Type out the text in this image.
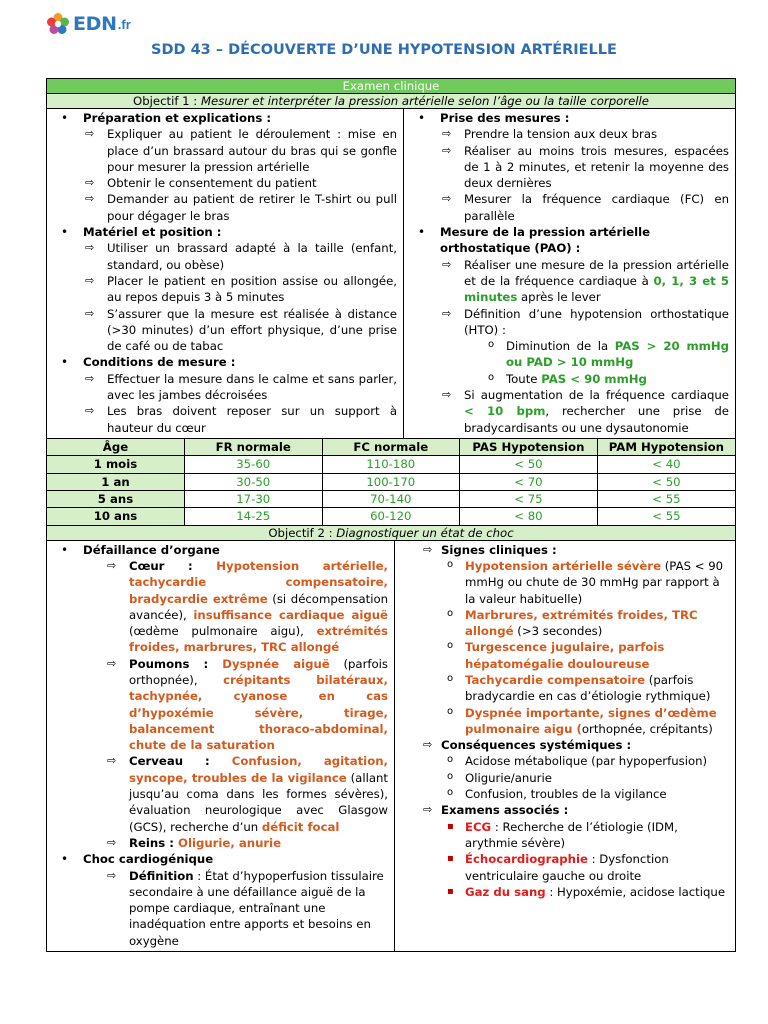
EDN .fr
SDD 43 – DÉCOUVERTE D’UNE HYPOTENSION ARTÉRIELLE
Examen clinique
Objectif 1 : Mesurer et interpréter la pression artérielle selon l’âge ou la taille corporelle
• Préparation et explications :
⇨ Expliquer au patient le déroulement : mise en place d’un brassard autour du bras qui se gonfle pour mesurer la pression artérielle
⇨ Obtenir le consentement du patient
⇨ Demander au patient de retirer le T-shirt ou pull pour dégager le bras
• Matériel et position :
⇨ Utiliser un brassard adapté à la taille (enfant, standard, ou obèse)
⇨ Placer le patient en position assise ou allongée, au repos depuis 3 à 5 minutes
⇨ S’assurer que la mesure est réalisée à distance (>30 minutes) d’un effort physique, d’une prise de café ou de tabac
• Conditions de mesure :
⇨ Effectuer la mesure dans le calme et sans parler, avec les jambes décroisées
⇨ Les bras doivent reposer sur un support à hauteur du cœur
• Prise des mesures :
⇨ Prendre la tension aux deux bras
⇨ Réaliser au moins trois mesures, espacées de 1 à 2 minutes, et retenir la moyenne des deux dernières
⇨ Mesurer la fréquence cardiaque (FC) en parallèle
• Mesure de la pression artérielle orthostatique (PAO) :
⇨ Réaliser une mesure de la pression artérielle et de la fréquence cardiaque à 0, 1, 3 et 5 minutes après le lever
⇨ Définition d’une hypotension orthostatique (HTO) :
o Diminution de la PAS > 20 mmHg ou PAD > 10 mmHg
o Toute PAS < 90 mmHg
⇨ Si augmentation de la fréquence cardiaque < 10 bpm, rechercher une prise de bradycardisants ou une dysautonomie
Âge	FR normale	FC normale	PAS Hypotension	PAM Hypotension
1 mois	35-60	110-180	< 50	< 40
1 an	30-50	100-170	< 70	< 50
5 ans	17-30	70-140	< 75	< 55
10 ans	14-25	60-120	< 80	< 55
Objectif 2 : Diagnostiquer un état de choc
• Défaillance d’organe
⇨ Cœur : Hypotension artérielle, tachycardie compensatoire, bradycardie extrême (si décompensation avancée), insuffisance cardiaque aiguë (œdème pulmonaire aigu), extrémités froides, marbrures, TRC allongé
⇨ Poumons : Dyspnée aiguë (parfois orthopnée), crépitants bilatéraux, tachypnée, cyanose en cas d’hypoxémie sévère, tirage, balancement thoraco-abdominal, chute de la saturation
⇨ Cerveau : Confusion, agitation, syncope, troubles de la vigilance (allant jusqu’au coma dans les formes sévères), évaluation neurologique avec Glasgow (GCS), recherche d’un déficit focal
⇨ Reins : Oligurie, anurie
• Choc cardiogénique
⇨ Définition : État d’hypoperfusion tissulaire secondaire à une défaillance aiguë de la pompe cardiaque, entraînant une inadéquation entre apports et besoins en oxygène
⇨ Signes cliniques :
o Hypotension artérielle sévère (PAS < 90 mmHg ou chute de 30 mmHg par rapport à la valeur habituelle)
o Marbrures, extrémités froides, TRC allongé (>3 secondes)
o Turgescence jugulaire, parfois hépatomégalie douloureuse
o Tachycardie compensatoire (parfois bradycardie en cas d’étiologie rythmique)
o Dyspnée importante, signes d’œdème pulmonaire aigu (orthopnée, crépitants)
⇨ Conséquences systémiques :
o Acidose métabolique (par hypoperfusion)
o Oligurie/anurie
o Confusion, troubles de la vigilance
⇨ Examens associés :
▪ ECG : Recherche de l’étiologie (IDM, arythmie sévère)
▪ Échocardiographie : Dysfonction ventriculaire gauche ou droite
▪ Gaz du sang : Hypoxémie, acidose lactique
